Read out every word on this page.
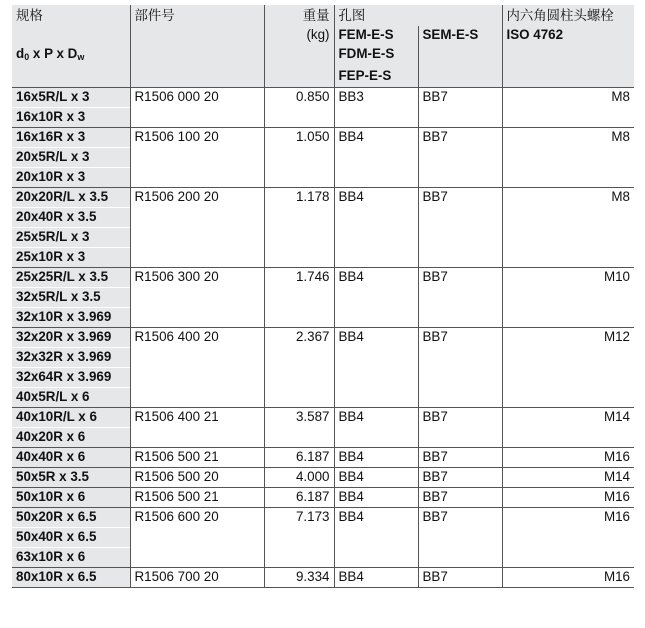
规格	部件号	重量	孔图		内六角圆柱头螺栓
		(kg)	FEM-E-S	SEM-E-S	ISO 4762
$d_0$ x P x $D_w$			FDM-E-S		
			FEP-E-S		
16x5R/L x 3	R1506 000 20	0.850	BB3	BB7	M8
16x10R x 3					
16x16R x 3	R1506 100 20	1.050	BB4	BB7	M8
20x5R/L x 3					
20x10R x 3					
20x20R/L x 3.5	R1506 200 20	1.178	BB4	BB7	M8
20x40R x 3.5					
25x5R/L x 3					
25x10R x 3					
25x25R/L x 3.5	R1506 300 20	1.746	BB4	BB7	M10
32x5R/L x 3.5					
32x10R x 3.969					
32x20R x 3.969	R1506 400 20	2.367	BB4	BB7	M12
32x32R x 3.969					
32x64R x 3.969					
40x5R/L x 6					
40x10R/L x 6	R1506 400 21	3.587	BB4	BB7	M14
40x20R x 6					
40x40R x 6	R1506 500 21	6.187	BB4	BB7	M16
50x5R x 3.5	R1506 500 20	4.000	BB4	BB7	M14
50x10R x 6	R1506 500 21	6.187	BB4	BB7	M16
50x20R x 6.5	R1506 600 20	7.173	BB4	BB7	M16
50x40R x 6.5					
63x10R x 6					
80x10R x 6.5	R1506 700 20	9.334	BB4	BB7	M16
